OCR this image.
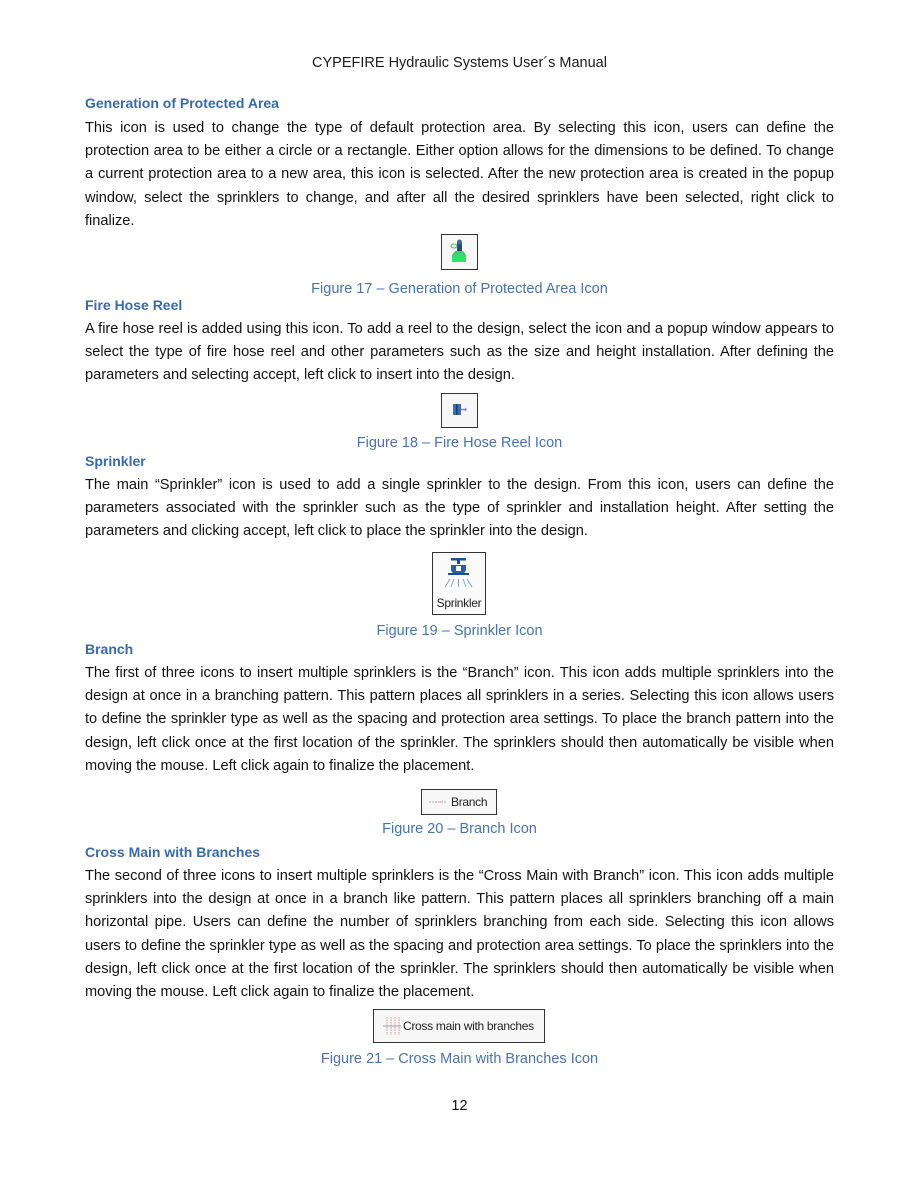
CYPEFIRE Hydraulic Systems User´s Manual
Generation of Protected Area

This icon is used to change the type of default protection area. By selecting this icon, users can define the protection area to be either a circle or a rectangle. Either option allows for the dimensions to be defined. To change a current protection area to a new area, this icon is selected. After the new protection area is created in the popup window, select the sprinklers to change, and after all the desired sprinklers have been selected, right click to finalize.

Figure 17 – Generation of Protected Area Icon
Fire Hose Reel

A fire hose reel is added using this icon. To add a reel to the design, select the icon and a popup window appears to select the type of fire hose reel and other parameters such as the size and height installation. After defining the parameters and selecting accept, left click to insert into the design.

Figure 18 – Fire Hose Reel Icon
Sprinkler

The main “Sprinkler” icon is used to add a single sprinkler to the design. From this icon, users can define the parameters associated with the sprinkler such as the type of sprinkler and installation height. After setting the parameters and clicking accept, left click to place the sprinkler into the design.

Sprinkler
Figure 19 – Sprinkler Icon
Branch

The first of three icons to insert multiple sprinklers is the “Branch” icon. This icon adds multiple sprinklers into the design at once in a branching pattern. This pattern places all sprinklers in a series. Selecting this icon allows users to define the sprinkler type as well as the spacing and protection area settings. To place the branch pattern into the design, left click once at the first location of the sprinkler. The sprinklers should then automatically be visible when moving the mouse. Left click again to finalize the placement.

Branch
Figure 20 – Branch Icon
Cross Main with Branches

The second of three icons to insert multiple sprinklers is the “Cross Main with Branch” icon. This icon adds multiple sprinklers into the design at once in a branch like pattern. This pattern places all sprinklers branching off a main horizontal pipe. Users can define the number of sprinklers branching from each side. Selecting this icon allows users to define the sprinkler type as well as the spacing and protection area settings. To place the sprinklers into the design, left click once at the first location of the sprinkler. The sprinklers should then automatically be visible when moving the mouse. Left click again to finalize the placement.

Cross main with branches
Figure 21 – Cross Main with Branches Icon
12
